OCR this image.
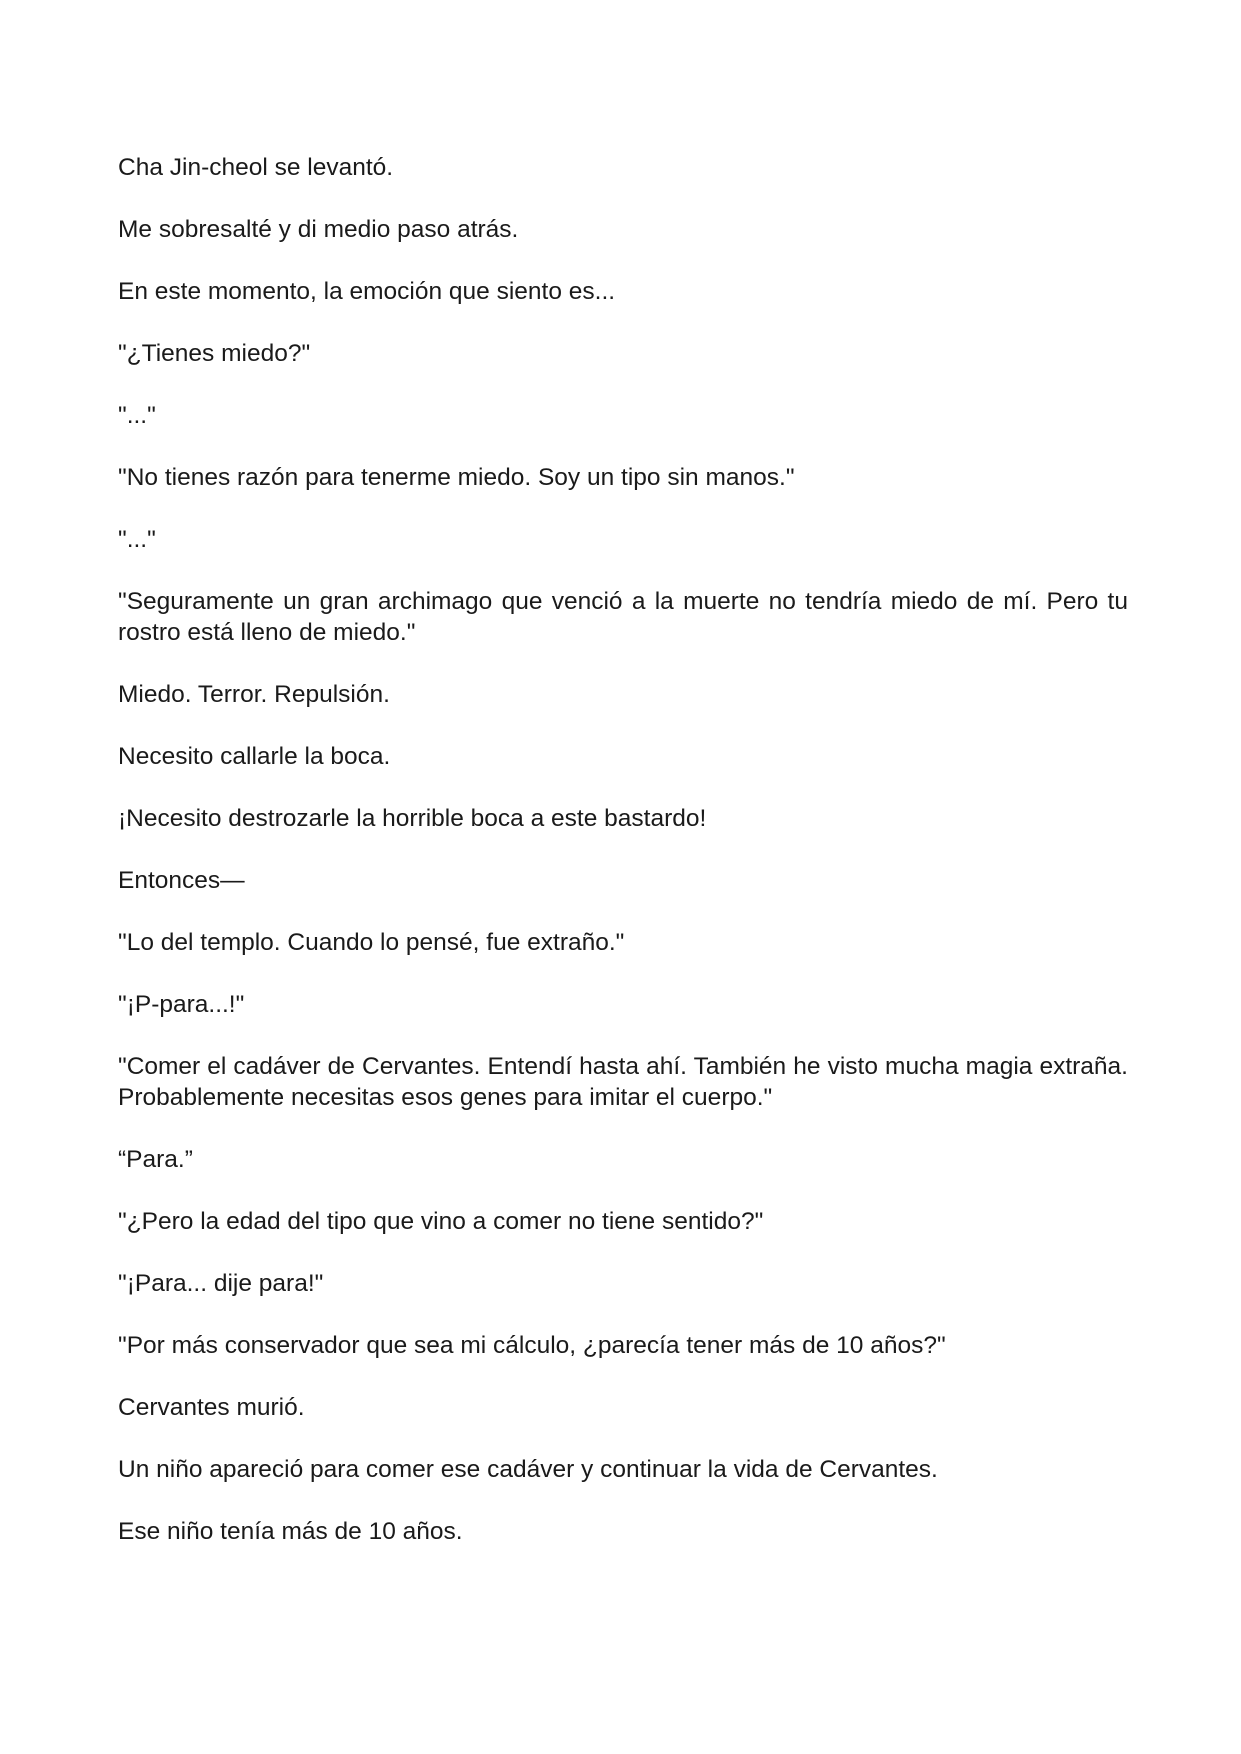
Cha Jin-cheol se levantó.

Me sobresalté y di medio paso atrás.

En este momento, la emoción que siento es...

"¿Tienes miedo?"

"..."

"No tienes razón para tenerme miedo. Soy un tipo sin manos."

"..."

"Seguramente un gran archimago que venció a la muerte no tendría miedo de mí. Pero tu rostro está lleno de miedo."

Miedo. Terror. Repulsión.

Necesito callarle la boca.

¡Necesito destrozarle la horrible boca a este bastardo!

Entonces—

"Lo del templo. Cuando lo pensé, fue extraño."

"¡P-para...!"

"Comer el cadáver de Cervantes. Entendí hasta ahí. También he visto mucha magia extraña. Probablemente necesitas esos genes para imitar el cuerpo."

“Para.”

"¿Pero la edad del tipo que vino a comer no tiene sentido?"

"¡Para... dije para!"

"Por más conservador que sea mi cálculo, ¿parecía tener más de 10 años?"

Cervantes murió.

Un niño apareció para comer ese cadáver y continuar la vida de Cervantes.

Ese niño tenía más de 10 años.
